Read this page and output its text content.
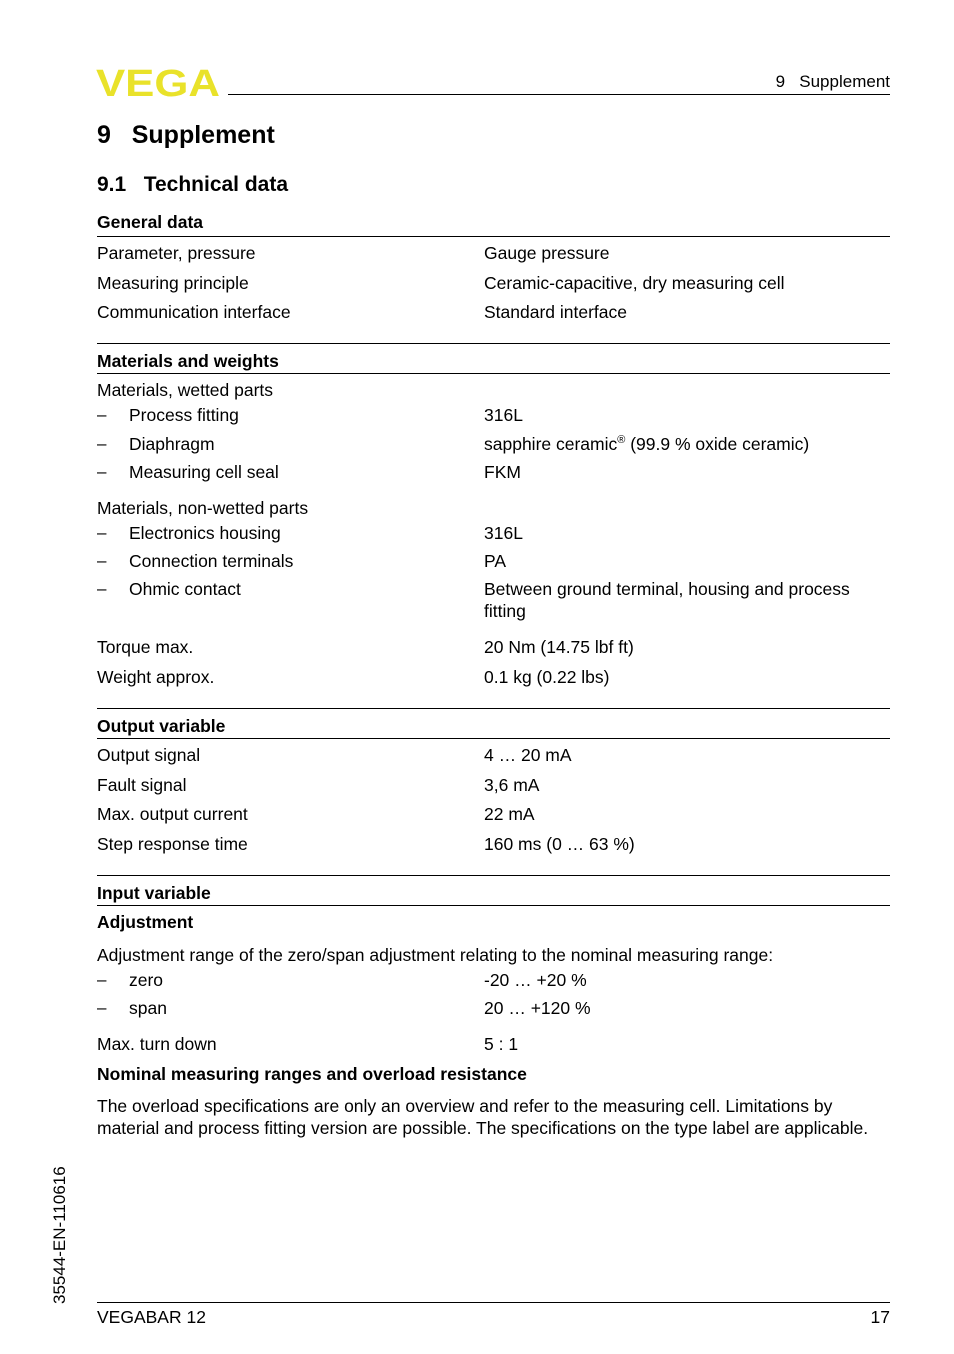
VEGA	9   Supplement
9   Supplement
9.1   Technical data
General data
Parameter, pressure	Gauge pressure
Measuring principle	Ceramic-capacitive, dry measuring cell
Communication interface	Standard interface
Materials and weights
Materials, wetted parts
– Process fitting	316L
– Diaphragm	sapphire ceramic® (99.9 % oxide ceramic)
– Measuring cell seal	FKM
Materials, non-wetted parts
– Electronics housing	316L
– Connection terminals	PA
– Ohmic contact	Between ground terminal, housing and process fitting
Torque max.	20 Nm (14.75 lbf ft)
Weight approx.	0.1 kg (0.22 lbs)
Output variable
Output signal	4 … 20 mA
Fault signal	3,6 mA
Max. output current	22 mA
Step response time	160 ms (0 … 63 %)
Input variable
Adjustment
Adjustment range of the zero/span adjustment relating to the nominal measuring range:
– zero	-20 … +20 %
– span	20 … +120 %
Max. turn down	5 : 1
Nominal measuring ranges and overload resistance
The overload specifications are only an overview and refer to the measuring cell. Limitations by material and process fitting version are possible. The specifications on the type label are applicable.
35544-EN-110616
VEGABAR 12	17
